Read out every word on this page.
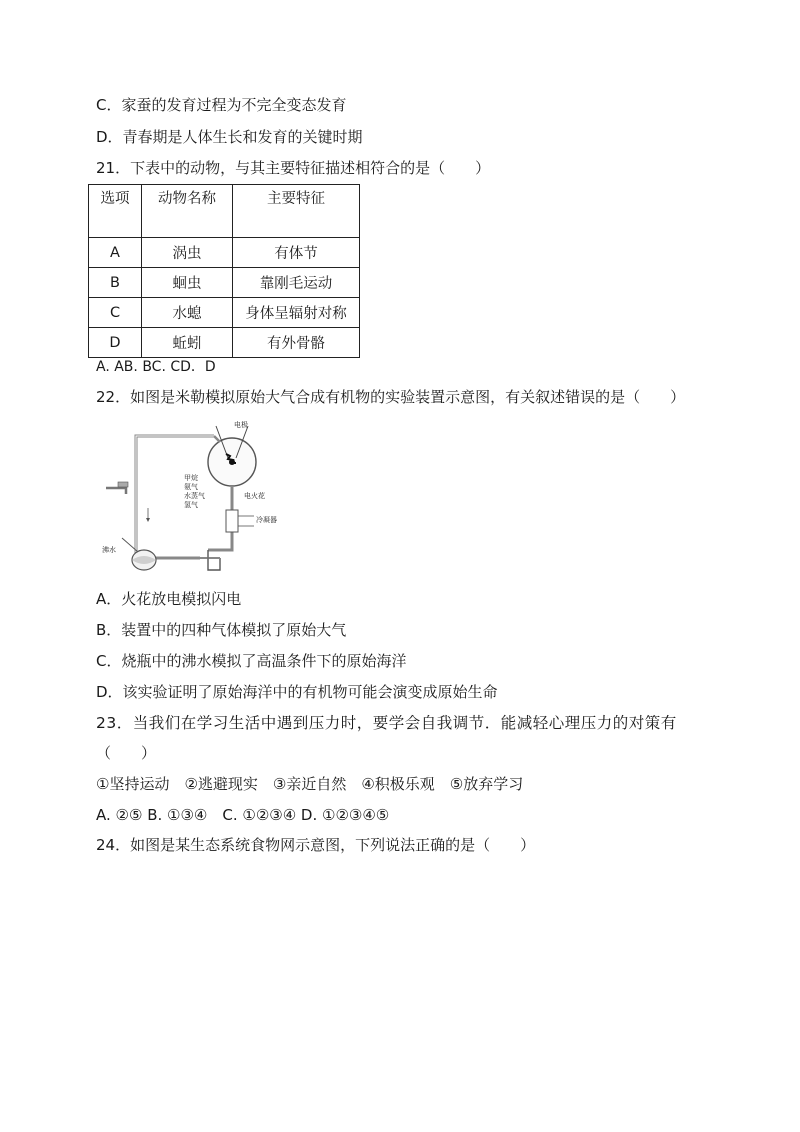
C．家蚕的发育过程为不完全变态发育
D．青春期是人体生长和发育的关键时期
21．下表中的动物，与其主要特征描述相符合的是（　　）
选项	动物名称	主要特征
A	涡虫	有体节
B	蛔虫	靠刚毛运动
C	水螅	身体呈辐射对称
D	蚯蚓	有外骨骼
A. AB. BC. CD．D
22．如图是米勒模拟原始大气合成有机物的实验装置示意图，有关叙述错误的是（　　）
电极
甲烷
氨气
水蒸气
氢气
电火花
冷凝器
沸水
A．火花放电模拟闪电
B．装置中的四种气体模拟了原始大气
C．烧瓶中的沸水模拟了高温条件下的原始海洋
D．该实验证明了原始海洋中的有机物可能会演变成原始生命
23．当我们在学习生活中遇到压力时，要学会自我调节．能减轻心理压力的对策有
（　　）
①坚持运动　②逃避现实　③亲近自然　④积极乐观　⑤放弃学习
A. ②⑤ B. ①③④　C. ①②③④ D. ①②③④⑤
24．如图是某生态系统食物网示意图，下列说法正确的是（　　）
